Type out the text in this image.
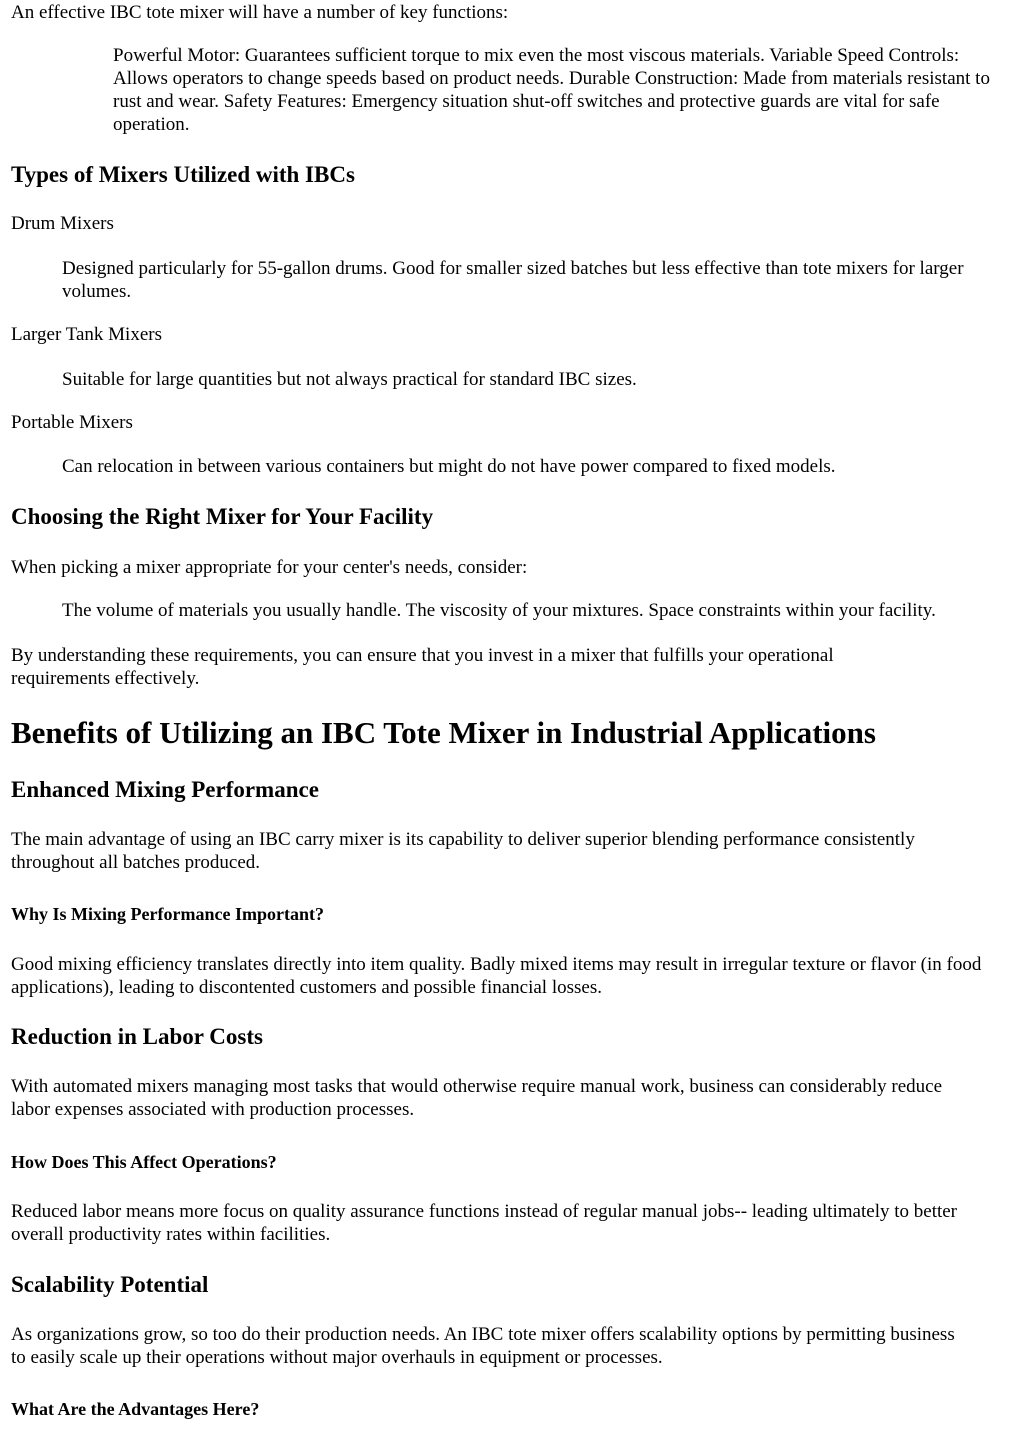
An effective IBC tote mixer will have a number of key functions:

Powerful Motor: Guarantees sufficient torque to mix even the most viscous materials. Variable Speed Controls: Allows operators to change speeds based on product needs. Durable Construction: Made from materials resistant to rust and wear. Safety Features: Emergency situation shut-off switches and protective guards are vital for safe operation.

Types of Mixers Utilized with IBCs

Drum Mixers

Designed particularly for 55-gallon drums. Good for smaller sized batches but less effective than tote mixers for larger volumes.

Larger Tank Mixers

Suitable for large quantities but not always practical for standard IBC sizes.

Portable Mixers

Can relocation in between various containers but might do not have power compared to fixed models.

Choosing the Right Mixer for Your Facility

When picking a mixer appropriate for your center's needs, consider:

The volume of materials you usually handle. The viscosity of your mixtures. Space constraints within your facility.

By understanding these requirements, you can ensure that you invest in a mixer that fulfills your operational requirements effectively.

Benefits of Utilizing an IBC Tote Mixer in Industrial Applications
Enhanced Mixing Performance

The main advantage of using an IBC carry mixer is its capability to deliver superior blending performance consistently throughout all batches produced.

Why Is Mixing Performance Important?

Good mixing efficiency translates directly into item quality. Badly mixed items may result in irregular texture or flavor (in food applications), leading to discontented customers and possible financial losses.

Reduction in Labor Costs

With automated mixers managing most tasks that would otherwise require manual work, business can considerably reduce labor expenses associated with production processes.

How Does This Affect Operations?

Reduced labor means more focus on quality assurance functions instead of regular manual jobs-- leading ultimately to better overall productivity rates within facilities.

Scalability Potential

As organizations grow, so too do their production needs. An IBC tote mixer offers scalability options by permitting business to easily scale up their operations without major overhauls in equipment or processes.

What Are the Advantages Here?
